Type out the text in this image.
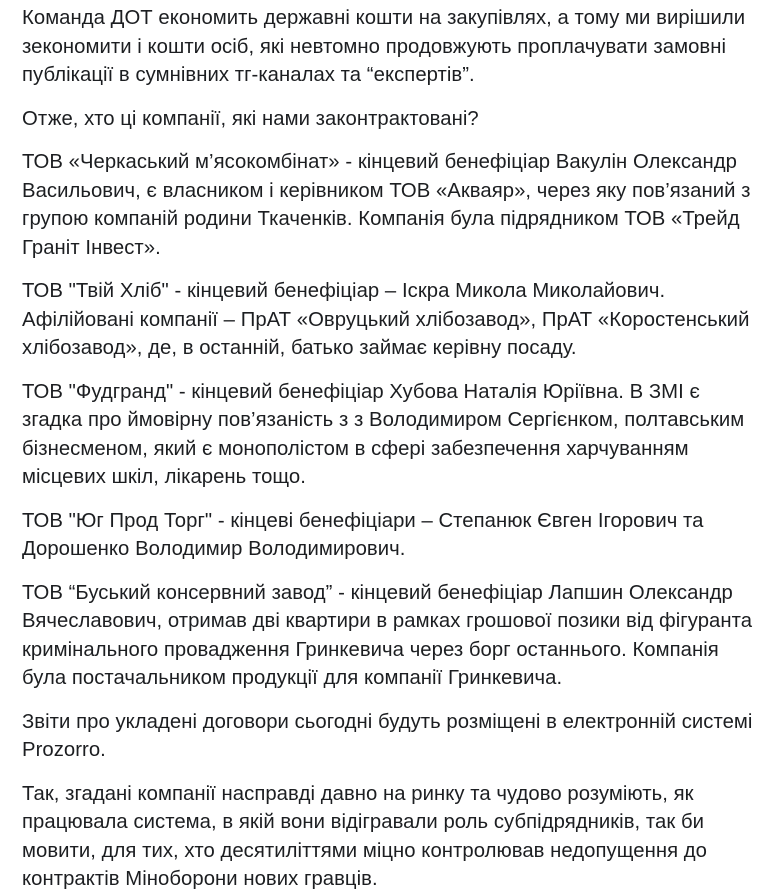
Команда ДОТ економить державні кошти на закупівлях, а тому ми вирішили зекономити і кошти осіб, які невтомно продовжують проплачувати замовні публікації в сумнівних тг-каналах та “експертів”.

Отже, хто ці компанії, які нами законтрактовані?

ТОВ «Черкаський м’ясокомбінат» - кінцевий бенефіціар Вакулін Олександр Васильович, є власником і керівником ТОВ «Акваяр», через яку пов’язаний з групою компаній родини Ткаченків. Компанія була підрядником ТОВ «Трейд Граніт Інвест».

ТОВ "Твій Хліб" - кінцевий бенефіціар – Іскра Микола Миколайович. Афілійовані компанії – ПрАТ «Овруцький хлібозавод», ПрАТ «Коростенський хлібозавод», де, в останній, батько займає керівну посаду.

ТОВ "Фудгранд" - кінцевий бенефіціар Хубова Наталія Юріївна. В ЗМІ є згадка про ймовірну пов’язаність з з Володимиром Сергієнком, полтавським бізнесменом, який є монополістом в сфері забезпечення харчуванням місцевих шкіл, лікарень тощо.

ТОВ "Юг Прод Торг" - кінцеві бенефіціари – Степанюк Євген Ігорович та Дорошенко Володимир Володимирович.

ТОВ “Буський консервний завод” - кінцевий бенефіціар Лапшин Олександр Вячеславович, отримав дві квартири в рамках грошової позики від фігуранта кримінального провадження Гринкевича через борг останнього. Компанія була постачальником продукції для компанії Гринкевича.

Звіти про укладені договори сьогодні будуть розміщені в електронній системі Prozorro.

Так, згадані компанії насправді давно на ринку та чудово розуміють, як працювала система, в якій вони відігравали роль субпідрядників, так би мовити, для тих, хто десятиліттями міцно контролював недопущення до контрактів Міноборони нових гравців.
